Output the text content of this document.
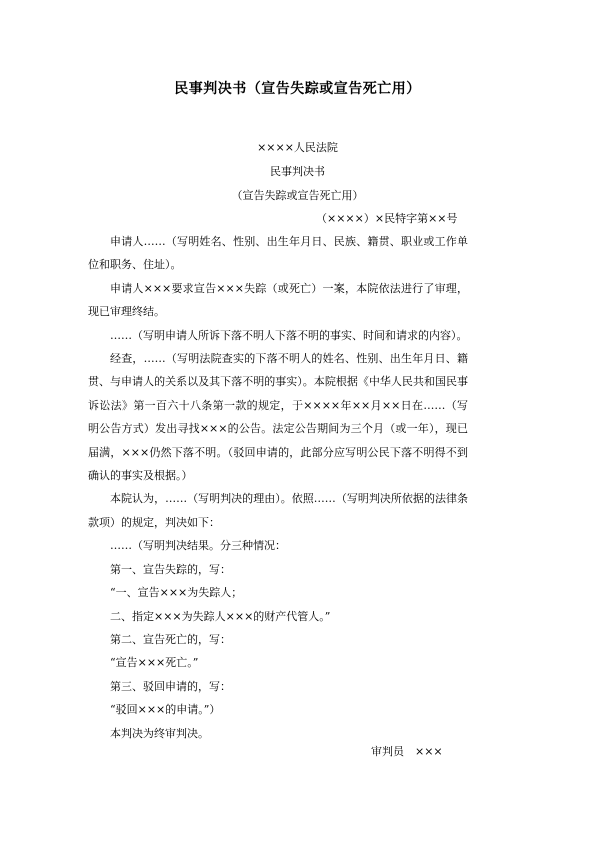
民事判决书（宣告失踪或宣告死亡用）
××××人民法院
民事判决书
（宣告失踪或宣告死亡用）
（××××）×民特字第××号

申请人……（写明姓名、性别、出生年月日、民族、籍贯、职业或工作单位和职务、住址）。

申请人×××要求宣告×××失踪（或死亡）一案，本院依法进行了审理，现已审理终结。

……（写明申请人所诉下落不明人下落不明的事实、时间和请求的内容）。

经查，……（写明法院查实的下落不明人的姓名、性别、出生年月日、籍贯、与申请人的关系以及其下落不明的事实）。本院根据《中华人民共和国民事诉讼法》第一百六十八条第一款的规定，于××××年××月××日在……（写明公告方式）发出寻找×××的公告。法定公告期间为三个月（或一年），现已届满，×××仍然下落不明。（驳回申请的，此部分应写明公民下落不明得不到确认的事实及根据。）

本院认为，……（写明判决的理由）。依照……（写明判决所依据的法律条款项）的规定，判决如下：

……（写明判决结果。分三种情况：

第一、宣告失踪的，写：

“一、宣告×××为失踪人；

二、指定×××为失踪人×××的财产代管人。”

第二、宣告死亡的，写：

“宣告×××死亡。”

第三、驳回申请的，写：

“驳回×××的申请。”）

本判决为终审判决。

审判员　×××
